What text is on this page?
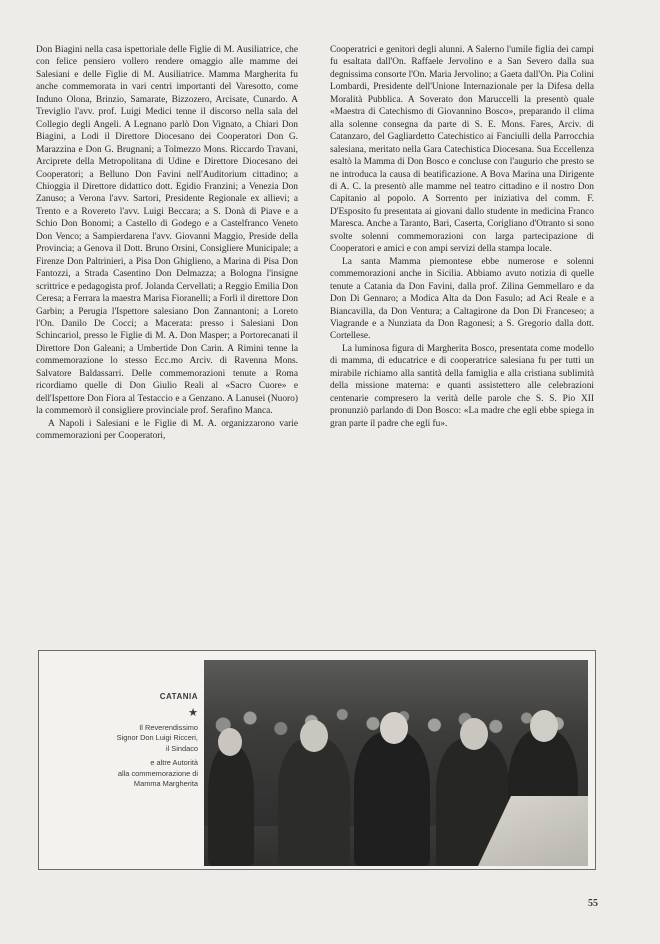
Don Biagini nella casa ispettoriale delle Figlie di M. Ausiliatrice, che con felice pensiero vollero rendere omaggio alle mamme dei Salesiani e delle Figlie di M. Ausiliatrice. Mamma Margherita fu anche commemorata in vari centri importanti del Varesotto, come Induno Olona, Brinzio, Samarate, Bizzozero, Arcisate, Cunardo. A Treviglio l'avv. prof. Luigi Medici tenne il discorso nella sala del Collegio degli Angeli. A Legnano parlò Don Vignato, a Chiari Don Biagini, a Lodi il Direttore Diocesano dei Cooperatori Don G. Marazzina e Don G. Brugnani; a Tolmezzo Mons. Riccardo Travani, Arciprete della Metropolitana di Udine e Direttore Diocesano dei Cooperatori; a Belluno Don Favini nell'Auditorium cittadino; a Chioggia il Direttore didattico dott. Egidio Franzini; a Venezia Don Zanuso; a Verona l'avv. Sartori, Presidente Regionale ex allievi; a Trento e a Rovereto l'avv. Luigi Beccara; a S. Donà di Piave e a Schio Don Bonomi; a Castello di Godego e a Castelfranco Veneto Don Venco; a Sampierdarena l'avv. Giovanni Maggio, Preside della Provincia; a Genova il Dott. Bruno Orsini, Consigliere Municipale; a Firenze Don Paltrinieri, a Pisa Don Ghiglieno, a Marina di Pisa Don Fantozzi, a Strada Casentino Don Delmazza; a Bologna l'insigne scrittrice e pedagogista prof. Jolanda Cervellati; a Reggio Emilia Don Ceresa; a Ferrara la maestra Marisa Fioranelli; a Forlì il direttore Don Garbin; a Perugia l'Ispettore salesiano Don Zannantoni; a Loreto l'On. Danilo De Cocci; a Macerata: presso i Salesiani Don Schincariol, presso le Figlie di M. A. Don Masper; a Portorecanati il Direttore Don Galeani; a Umbertide Don Carin. A Rimini tenne la commemorazione lo stesso Ecc.mo Arciv. di Ravenna Mons. Salvatore Baldassarri. Delle commemorazioni tenute a Roma ricordiamo quelle di Don Giulio Reali al «Sacro Cuore» e dell'Ispettore Don Fiora al Testaccio e a Genzano. A Lanusei (Nuoro) la commemorò il consigliere provinciale prof. Serafino Manca.

A Napoli i Salesiani e le Figlie di M. A. organizzarono varie commemorazioni per Cooperatori,

Cooperatrici e genitori degli alunni. A Salerno l'umile figlia dei campi fu esaltata dall'On. Raffaele Jervolino e a San Severo dalla sua degnissima consorte l'On. Maria Jervolino; a Gaeta dall'On. Pia Colini Lombardi, Presidente dell'Unione Internazionale per la Difesa della Moralità Pubblica. A Soverato don Maruccelli la presentò quale «Maestra di Catechismo di Giovannino Bosco», preparando il clima alla solenne consegna da parte di S. E. Mons. Fares, Arciv. di Catanzaro, del Gagliardetto Catechistico ai Fanciulli della Parrocchia salesiana, meritato nella Gara Catechistica Diocesana. Sua Eccellenza esaltò la Mamma di Don Bosco e concluse con l'augurio che presto se ne introduca la causa di beatificazione. A Bova Marina una Dirigente di A. C. la presentò alle mamme nel teatro cittadino e il nostro Don Capitanio al popolo. A Sorrento per iniziativa del comm. F. D'Esposito fu presentata ai giovani dallo studente in medicina Franco Maresca. Anche a Taranto, Bari, Caserta, Corigliano d'Otranto si sono svolte solenni commemorazioni con larga partecipazione di Cooperatori e amici e con ampi servizi della stampa locale.

La santa Mamma piemontese ebbe numerose e solenni commemorazioni anche in Sicilia. Abbiamo avuto notizia di quelle tenute a Catania da Don Favini, dalla prof. Zilina Gemmellaro e da Don Di Gennaro; a Modica Alta da Don Fasulo; ad Aci Reale e a Biancavilla, da Don Ventura; a Caltagirone da Don Di Franceseo; a Viagrande e a Nunziata da Don Ragonesi; a S. Gregorio dalla dott. Cortellese.

La luminosa figura di Margherita Bosco, presentata come modello di mamma, di educatrice e di cooperatrice salesiana fu per tutti un mirabile richiamo alla santità della famiglia e alla cristiana sublimità della missione materna: e quanti assistettero alle celebrazioni centenarie compresero la verità delle parole che S. S. Pio XII pronunziò parlando di Don Bosco: «La madre che egli ebbe spiega in gran parte il padre che egli fu».

CATANIA
★
Il Reverendissimo
Signor Don Luigi Ricceri,
il Sindaco
e altre Autorità
alla commemorazione di
Mamma Margherita
55
